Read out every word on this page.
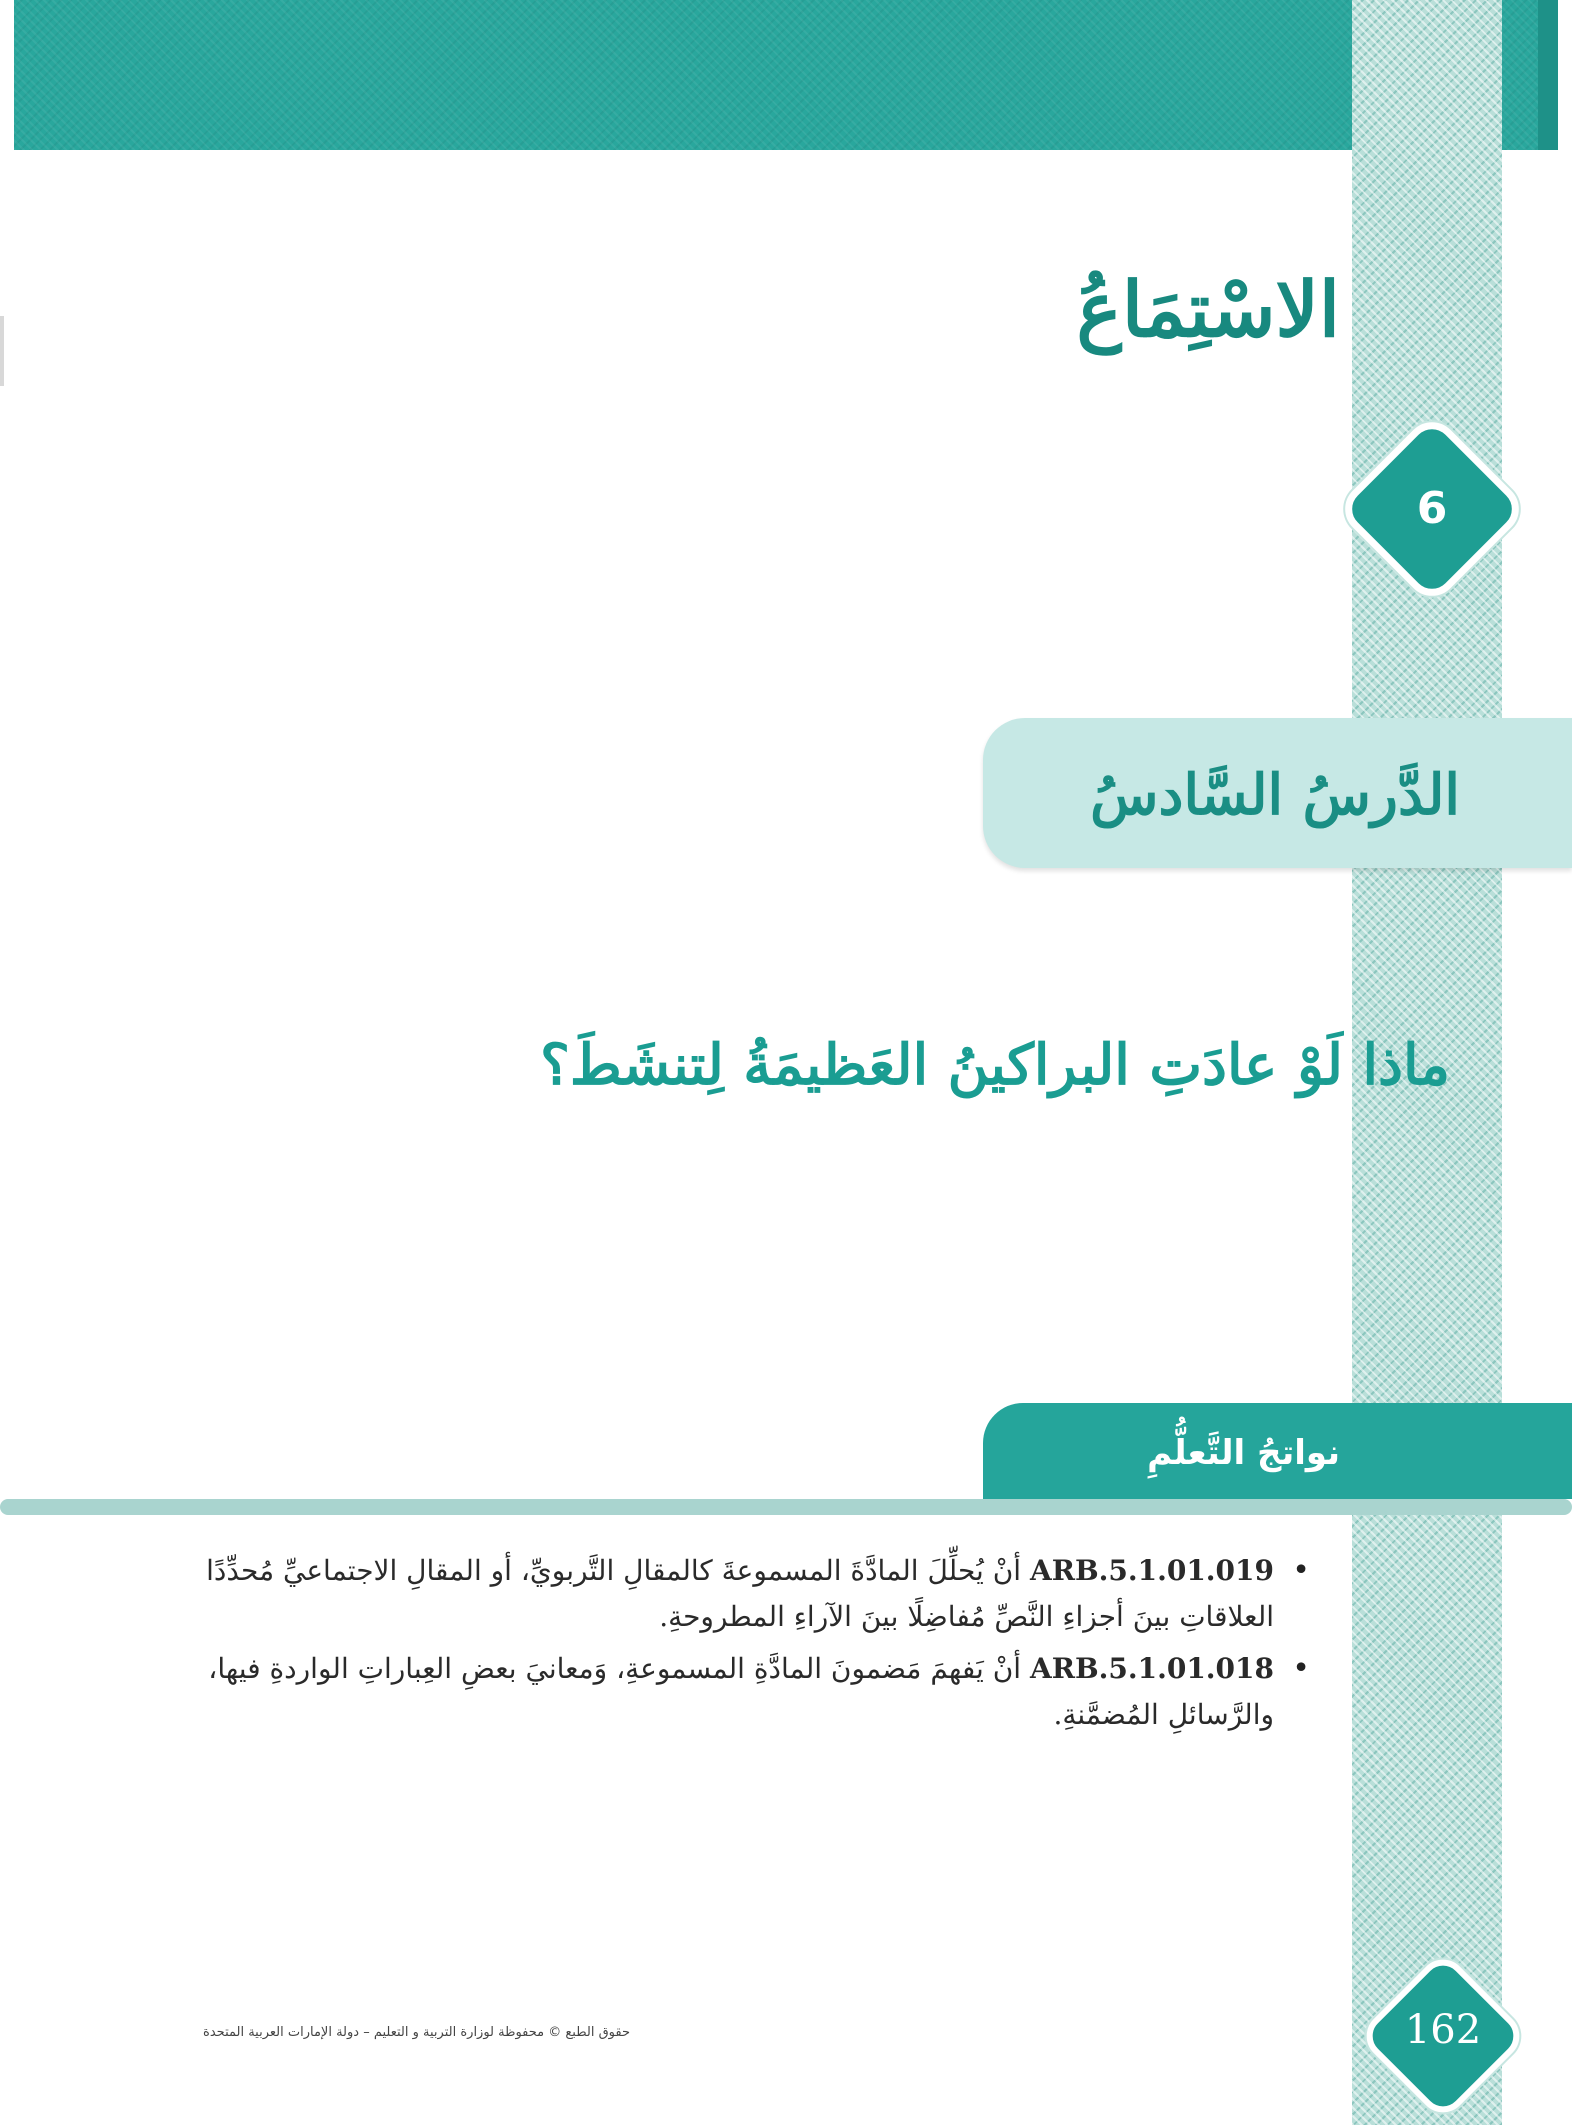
الاسْتِمَاعُ
6
الدَّرسُ السَّادسُ
ماذا لَوْ عادَتِ البراكينُ العَظيمَةُ لِتنشَطَ؟
نواتجُ التَّعلُّمِ
•
ARB.5.1.01.019 أنْ يُحلِّلَ المادَّةَ المسموعةَ كالمقالِ التَّربويِّ، أو المقالِ الاجتماعيِّ مُحدِّدًا العلاقاتِ بينَ أجزاءِ النَّصِّ مُفاضِلًا بينَ الآراءِ المطروحةِ.
•
ARB.5.1.01.018 أنْ يَفهمَ مَضمونَ المادَّةِ المسموعةِ، وَمعانيَ بعضِ العِباراتِ الواردةِ فيها، والرَّسائلِ المُضمَّنةِ.
162
حقوق الطبع © محفوظة لوزارة التربية و التعليم – دولة الإمارات العربية المتحدة
